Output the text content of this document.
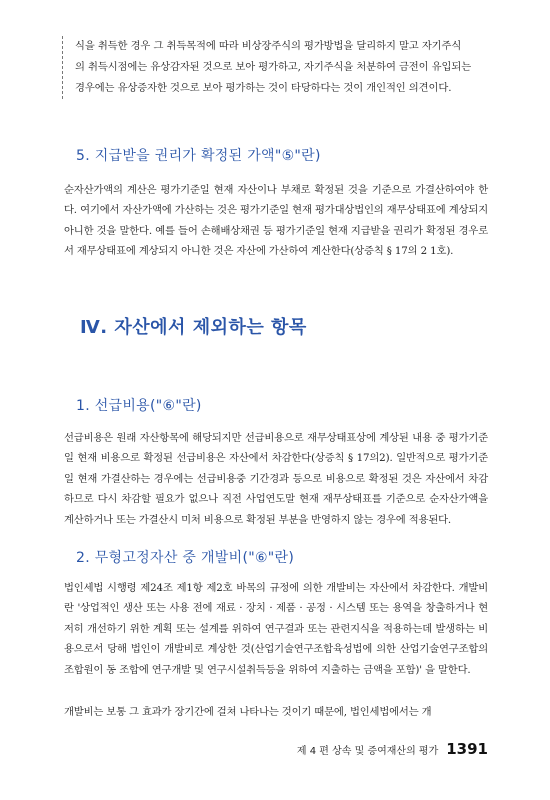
식을 취득한 경우 그 취득목적에 따라 비상장주식의 평가방법을 달리하지 말고 자기주식

의 취득시점에는 유상감자된 것으로 보아 평가하고, 자기주식을 처분하여 금전이 유입되는

경우에는 유상증자한 것으로 보아 평가하는 것이 타당하다는 것이 개인적인 의견이다.

5. 지급받을 권리가 확정된 가액"⑤"란)

순자산가액의 계산은 평가기준일 현재 자산이나 부채로 확정된 것을 기준으로 가결산하여야 한다. 여기에서 자산가액에 가산하는 것은 평가기준일 현재 평가대상법인의 재무상태표에 계상되지 아니한 것을 말한다. 예를 들어 손해배상채권 등 평가기준일 현재 지급받을 권리가 확정된 경우로서 재무상태표에 계상되지 아니한 것은 자산에 가산하여 계산한다(상증칙 § 17의 2 1호).

Ⅳ. 자산에서 제외하는 항목
1. 선급비용("⑥"란)

선급비용은 원래 자산항목에 해당되지만 선급비용으로 재무상태표상에 계상된 내용 중 평가기준일 현재 비용으로 확정된 선급비용은 자산에서 차감한다(상증칙 § 17의2). 일반적으로 평가기준일 현재 가결산하는 경우에는 선급비용중 기간경과 등으로 비용으로 확정된 것은 자산에서 차감하므로 다시 차감할 필요가 없으나 직전 사업연도말 현재 재무상태표를 기준으로 순자산가액을 계산하거나 또는 가결산시 미처 비용으로 확정된 부분을 반영하지 않는 경우에 적용된다.

2. 무형고정자산 중 개발비("⑥"란)

법인세법 시행령 제24조 제1항 제2호 바목의 규정에 의한 개발비는 자산에서 차감한다. 개발비란 '상업적인 생산 또는 사용 전에 재료 · 장치 · 제품 · 공정 · 시스템 또는 용역을 창출하거나 현저히 개선하기 위한 계획 또는 설계를 위하여 연구결과 또는 관련지식을 적용하는데 발생하는 비용으로서 당해 법인이 개발비로 계상한 것(산업기술연구조합육성법에 의한 산업기술연구조합의 조합원이 동 조합에 연구개발 및 연구시설취득등을 위하여 지출하는 금액을 포함)' 을 말한다.

개발비는 보통 그 효과가 장기간에 걸쳐 나타나는 것이기 때문에, 법인세법에서는 개

제 4 편 상속 및 증여재산의 평가 1391
